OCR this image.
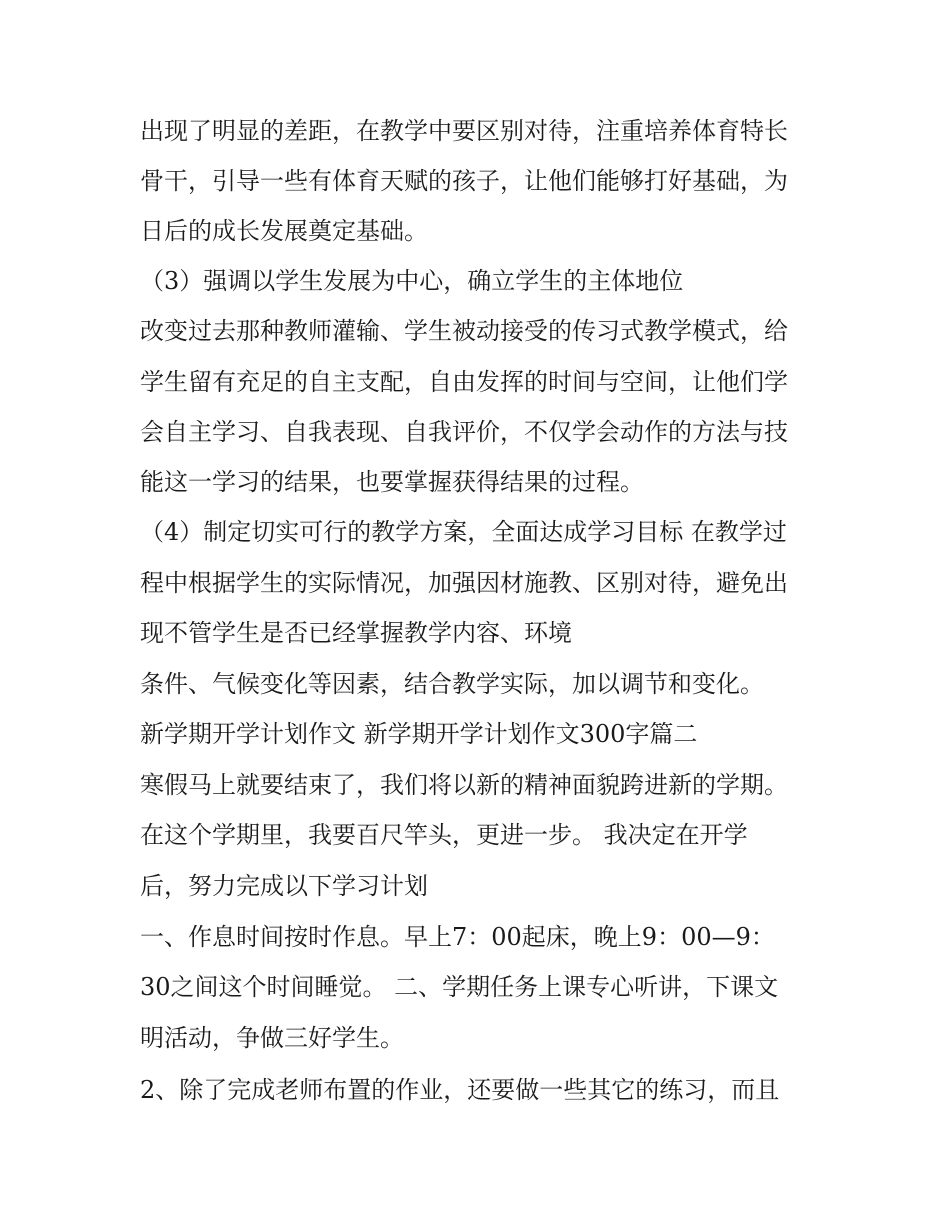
出现了明显的差距，在教学中要区别对待，注重培养体育特长
骨干，引导一些有体育天赋的孩子，让他们能够打好基础，为
日后的成长发展奠定基础。
（3）强调以学生发展为中心，确立学生的主体地位
改变过去那种教师灌输、学生被动接受的传习式教学模式，给
学生留有充足的自主支配，自由发挥的时间与空间，让他们学
会自主学习、自我表现、自我评价，不仅学会动作的方法与技
能这一学习的结果，也要掌握获得结果的过程。
（4）制定切实可行的教学方案，全面达成学习目标 在教学过
程中根据学生的实际情况，加强因材施教、区别对待，避免出
现不管学生是否已经掌握教学内容、环境
条件、气候变化等因素，结合教学实际，加以调节和变化。
新学期开学计划作文 新学期开学计划作文300字篇二
寒假马上就要结束了，我们将以新的精神面貌跨进新的学期。
在这个学期里，我要百尺竿头，更进一步。 我决定在开学
后，努力完成以下学习计划
一、作息时间按时作息。早上7：00起床，晚上9：00—9：
30之间这个时间睡觉。 二、学期任务上课专心听讲，下课文
明活动，争做三好学生。
2、除了完成老师布置的作业，还要做一些其它的练习，而且
